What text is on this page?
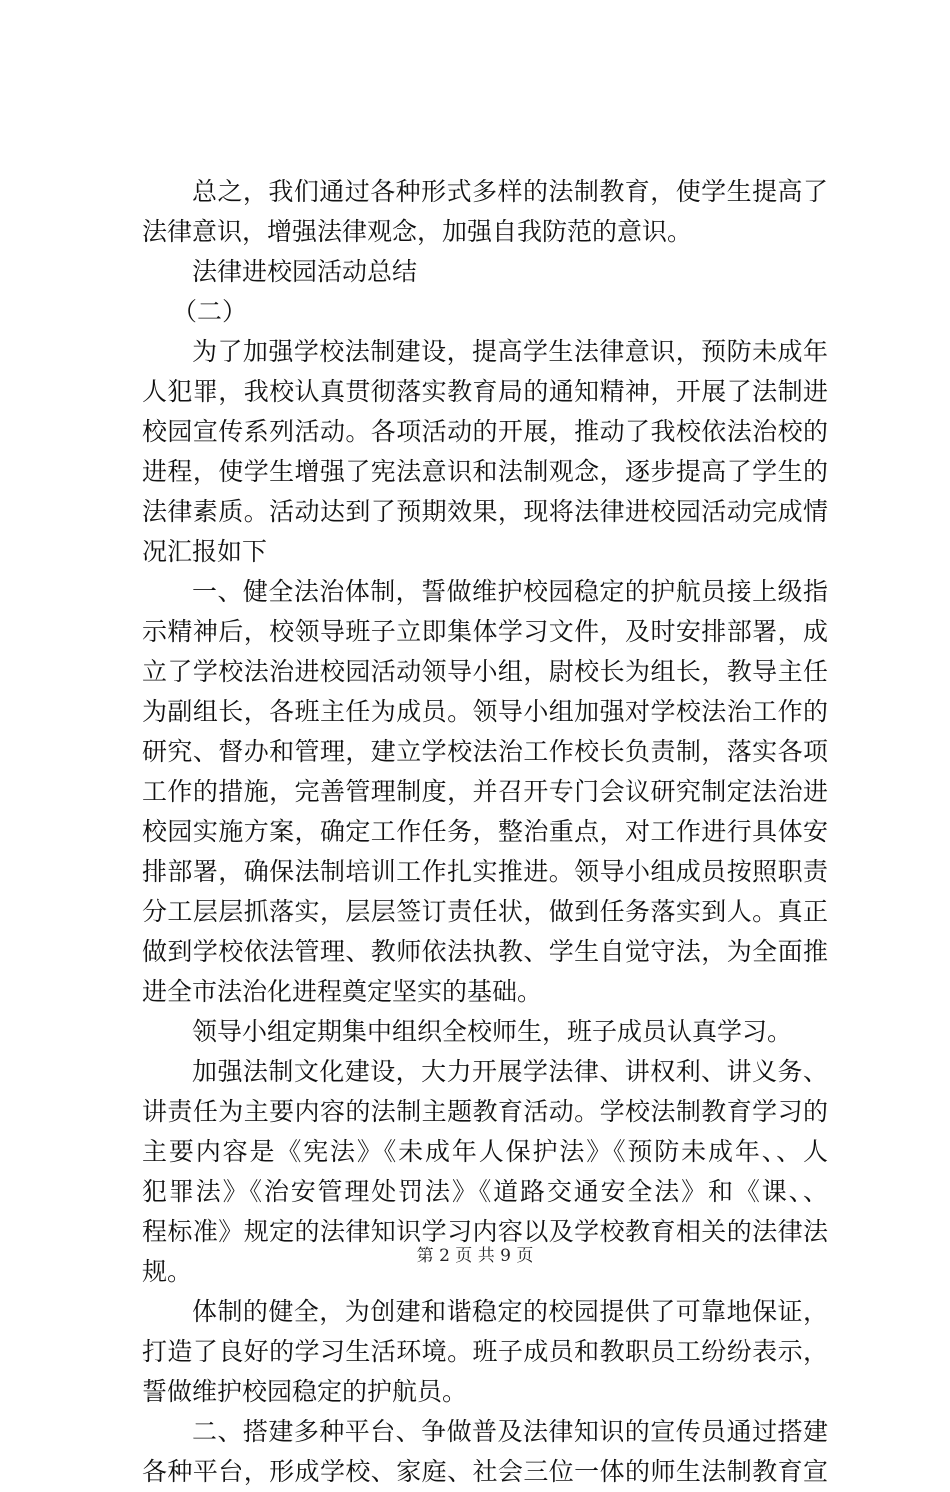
总之，我们通过各种形式多样的法制教育，使学生提高了
法律意识，增强法律观念，加强自我防范的意识。
法律进校园活动总结
（二）
为了加强学校法制建设，提高学生法律意识，预防未成年
人犯罪，我校认真贯彻落实教育局的通知精神，开展了法制进
校园宣传系列活动。各项活动的开展，推动了我校依法治校的
进程，使学生增强了宪法意识和法制观念，逐步提高了学生的
法律素质。活动达到了预期效果，现将法律进校园活动完成情
况汇报如下
一、健全法治体制，誓做维护校园稳定的护航员接上级指
示精神后，校领导班子立即集体学习文件，及时安排部署，成
立了学校法治进校园活动领导小组，尉校长为组长，教导主任
为副组长，各班主任为成员。领导小组加强对学校法治工作的
研究、督办和管理，建立学校法治工作校长负责制，落实各项
工作的措施，完善管理制度，并召开专门会议研究制定法治进
校园实施方案，确定工作任务，整治重点，对工作进行具体安
排部署，确保法制培训工作扎实推进。领导小组成员按照职责
分工层层抓落实，层层签订责任状，做到任务落实到人。真正
做到学校依法管理、教师依法执教、学生自觉守法，为全面推
进全市法治化进程奠定坚实的基础。
领导小组定期集中组织全校师生，班子成员认真学习。
加强法制文化建设，大力开展学法律、讲权利、讲义务、
讲责任为主要内容的法制主题教育活动。学校法制教育学习的
主要内容是《宪法》《未成年人保护法》《预防未成年、、人
犯罪法》《治安管理处罚法》《道路交通安全法》和《课、、
程标准》规定的法律知识学习内容以及学校教育相关的法律法
规。
体制的健全，为创建和谐稳定的校园提供了可靠地保证，
打造了良好的学习生活环境。班子成员和教职员工纷纷表示，
誓做维护校园稳定的护航员。
二、搭建多种平台、争做普及法律知识的宣传员通过搭建
各种平台，形成学校、家庭、社会三位一体的师生法制教育宣
第 2 页 共 9 页
